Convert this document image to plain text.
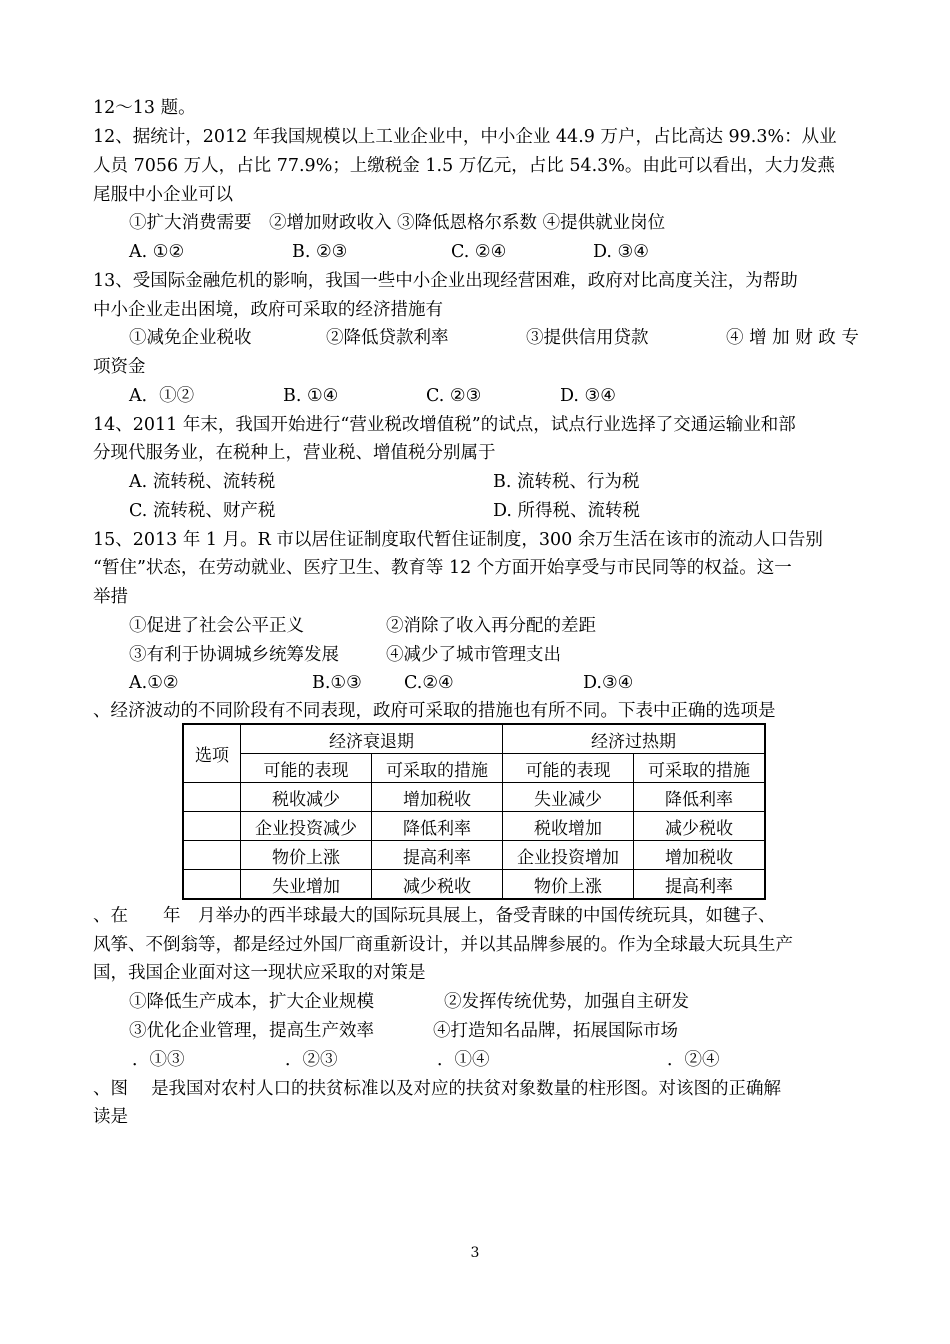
12～13 题。
12、据统计，2012 年我国规模以上工业企业中，中小企业 44.9 万户，占比高达 99.3%：从业
人员 7056 万人，占比 77.9%；上缴税金 1.5 万亿元，占比 54.3%。由此可以看出，大力发燕
尾服中小企业可以
①扩大消费需要　②增加财政收入 ③降低恩格尔系数 ④提供就业岗位
A. ①②	B. ②③	C. ②④	D. ③④
13、受国际金融危机的影响，我国一些中小企业出现经营困难，政府对比高度关注，为帮助
中小企业走出困境，政府可采取的经济措施有
①减免企业税收	②降低贷款利率	③提供信用贷款	④ 增 加 财 政 专
项资金
A．①②	B. ①④	C. ②③	D. ③④
14、2011 年末，我国开始进行“营业税改增值税”的试点，试点行业选择了交通运输业和部
分现代服务业，在税种上，营业税、增值税分别属于
A. 流转税、流转税	B. 流转税、行为税
C. 流转税、财产税	D. 所得税、流转税
15、2013 年 1 月。R 市以居住证制度取代暂住证制度，300 余万生活在该市的流动人口告别
“暂住”状态，在劳动就业、医疗卫生、教育等 12 个方面开始享受与市民同等的权益。这一
举措
①促进了社会公平正义	②消除了收入再分配的差距
③有利于协调城乡统筹发展	④减少了城市管理支出
A.①②	B.①③ C.②④	D.③④
、经济波动的不同阶段有不同表现，政府可采取的措施也有所不同。下表中正确的选项是
选项	经济衰退期		经济过热期	
	可能的表现	可采取的措施	可能的表现	可采取的措施
	税收减少	增加税收	失业减少	降低利率
	企业投资减少	降低利率	税收增加	减少税收
	物价上涨	提高利率	企业投资增加	增加税收
	失业增加	减少税收	物价上涨	提高利率
、在　　年　月举办的西半球最大的国际玩具展上，备受青睐的中国传统玩具，如毽子、
风筝、不倒翁等，都是经过外国厂商重新设计，并以其品牌参展的。作为全球最大玩具生产
国，我国企业面对这一现状应采取的对策是
①降低生产成本，扩大企业规模	②发挥传统优势，加强自主研发
③优化企业管理，提高生产效率	④打造知名品牌，拓展国际市场
．①③	．②③	．①④	．②④
、图　 是我国对农村人口的扶贫标准以及对应的扶贫对象数量的柱形图。对该图的正确解
读是
3
